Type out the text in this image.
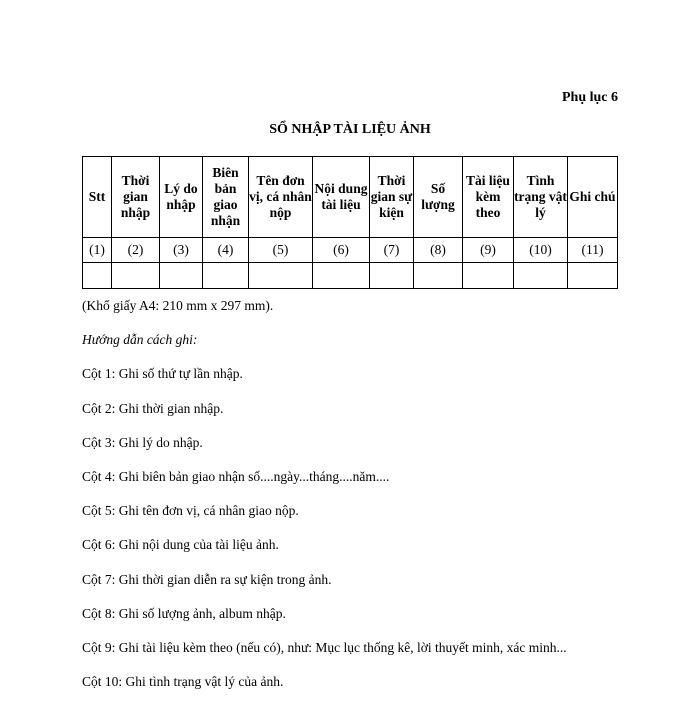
Phụ lục 6
SỔ NHẬP TÀI LIỆU ẢNH
Stt	Thời gian nhập	Lý do nhập	Biên bản giao nhận	Tên đơn vị, cá nhân nộp	Nội dung tài liệu	Thời gian sự kiện	Số lượng	Tài liệu kèm theo	Tình trạng vật lý	Ghi chú
(1)	(2)	(3)	(4)	(5)	(6)	(7)	(8)	(9)	(10)	(11)

(Khổ giấy A4: 210 mm x 297 mm).

Hướng dẫn cách ghi:

Cột 1: Ghi số thứ tự lần nhập.

Cột 2: Ghi thời gian nhập.

Cột 3: Ghi lý do nhập.

Cột 4: Ghi biên bản giao nhận số....ngày...tháng....năm....

Cột 5: Ghi tên đơn vị, cá nhân giao nộp.

Cột 6: Ghi nội dung của tài liệu ảnh.

Cột 7: Ghi thời gian diễn ra sự kiện trong ảnh.

Cột 8: Ghi số lượng ảnh, album nhập.

Cột 9: Ghi tài liệu kèm theo (nếu có), như: Mục lục thống kê, lời thuyết minh, xác minh...

Cột 10: Ghi tình trạng vật lý của ảnh.
